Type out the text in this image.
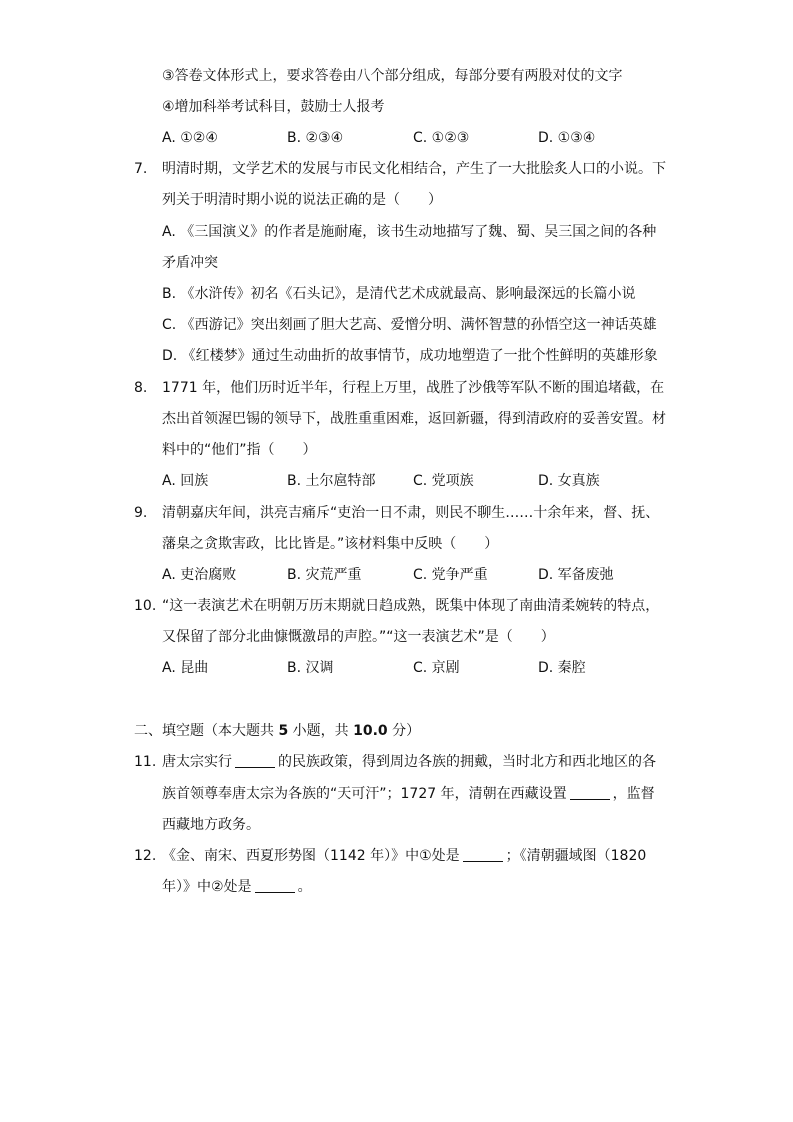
③答卷文体形式上，要求答卷由八个部分组成，每部分要有两股对仗的文字
④增加科举考试科目，鼓励士人报考
A. ①②④	B. ②③④	C. ①②③	D. ①③④
7. 明清时期，文学艺术的发展与市民文化相结合，产生了一大批脍炙人口的小说。下
列关于明清时期小说的说法正确的是（　　）
A. 《三国演义》的作者是施耐庵，该书生动地描写了魏、蜀、吴三国之间的各种
矛盾冲突
B. 《水浒传》初名《石头记》，是清代艺术成就最高、影响最深远的长篇小说
C. 《西游记》突出刻画了胆大艺高、爱憎分明、满怀智慧的孙悟空这一神话英雄
D. 《红楼梦》通过生动曲折的故事情节，成功地塑造了一批个性鲜明的英雄形象
8. 1771 年，他们历时近半年，行程上万里，战胜了沙俄等军队不断的围追堵截，在
杰出首领渥巴锡的领导下，战胜重重困难，返回新疆，得到清政府的妥善安置。材
料中的“他们”指（　　）
A. 回族	B. 土尔扈特部	C. 党项族	D. 女真族
9. 清朝嘉庆年间，洪亮吉痛斥“吏治一日不肃，则民不聊生……十余年来，督、抚、
藩臬之贪欺害政，比比皆是。”该材料集中反映（　　）
A. 吏治腐败	B. 灾荒严重	C. 党争严重	D. 军备废弛
10. “这一表演艺术在明朝万历末期就日趋成熟，既集中体现了南曲清柔婉转的特点，
又保留了部分北曲慷慨激昂的声腔。”“这一表演艺术”是（　　）
A. 昆曲	B. 汉调	C. 京剧	D. 秦腔
二、填空题（本大题共 5 小题，共 10.0 分）
11. 唐太宗实行	的民族政策，得到周边各族的拥戴，当时北方和西北地区的各
族首领尊奉唐太宗为各族的“天可汗”；1727 年，清朝在西藏设置	，监督
西藏地方政务。
12. 《金、南宋、西夏形势图（1142 年）》中①处是	；《清朝疆域图（1820
年）》中②处是	。
